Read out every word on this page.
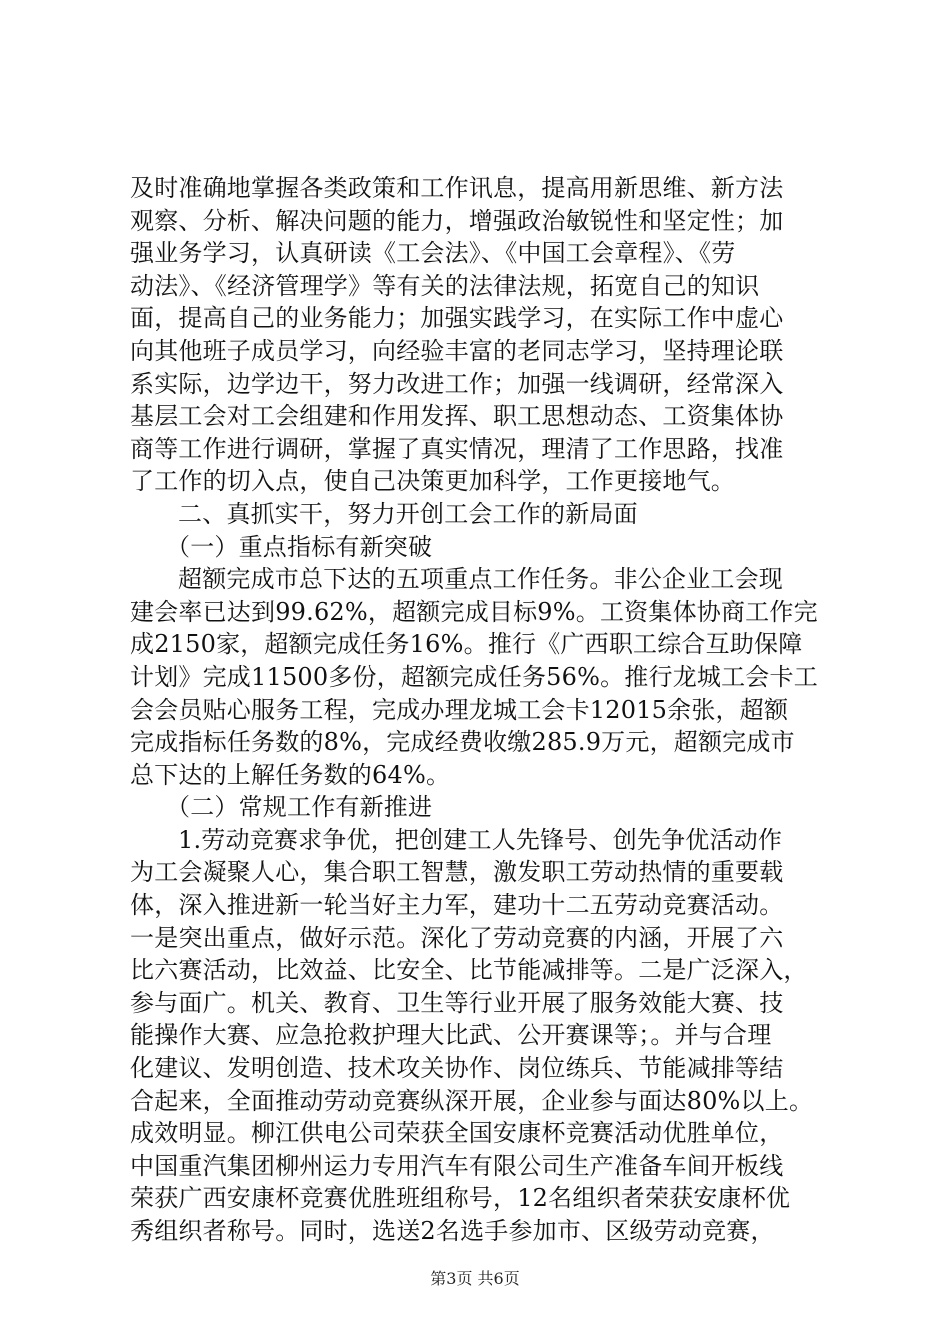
及时准确地掌握各类政策和工作讯息，提高用新思维、新方法
观察、分析、解决问题的能力，增强政治敏锐性和坚定性；加
强业务学习，认真研读《工会法》、《中国工会章程》、《劳
动法》、《经济管理学》等有关的法律法规，拓宽自己的知识
面，提高自己的业务能力；加强实践学习，在实际工作中虚心
向其他班子成员学习，向经验丰富的老同志学习，坚持理论联
系实际，边学边干，努力改进工作；加强一线调研，经常深入
基层工会对工会组建和作用发挥、职工思想动态、工资集体协
商等工作进行调研，掌握了真实情况，理清了工作思路，找准
了工作的切入点，使自己决策更加科学，工作更接地气。
二、真抓实干，努力开创工会工作的新局面
（一）重点指标有新突破
超额完成市总下达的五项重点工作任务。非公企业工会现
建会率已达到99.62%，超额完成目标9%。工资集体协商工作完
成2150家，超额完成任务16%。推行《广西职工综合互助保障
计划》完成11500多份，超额完成任务56%。推行龙城工会卡工
会会员贴心服务工程，完成办理龙城工会卡12015余张，超额
完成指标任务数的8%，完成经费收缴285.9万元，超额完成市
总下达的上解任务数的64%。
（二）常规工作有新推进
1.劳动竞赛求争优，把创建工人先锋号、创先争优活动作
为工会凝聚人心，集合职工智慧，激发职工劳动热情的重要载
体，深入推进新一轮当好主力军，建功十二五劳动竞赛活动。
一是突出重点，做好示范。深化了劳动竞赛的内涵，开展了六
比六赛活动，比效益、比安全、比节能减排等。二是广泛深入，
参与面广。机关、教育、卫生等行业开展了服务效能大赛、技
能操作大赛、应急抢救护理大比武、公开赛课等；。并与合理
化建议、发明创造、技术攻关协作、岗位练兵、节能减排等结
合起来，全面推动劳动竞赛纵深开展，企业参与面达80%以上。
成效明显。柳江供电公司荣获全国安康杯竞赛活动优胜单位，
中国重汽集团柳州运力专用汽车有限公司生产准备车间开板线
荣获广西安康杯竞赛优胜班组称号，12名组织者荣获安康杯优
秀组织者称号。同时，选送2名选手参加市、区级劳动竞赛，
第3页 共6页
